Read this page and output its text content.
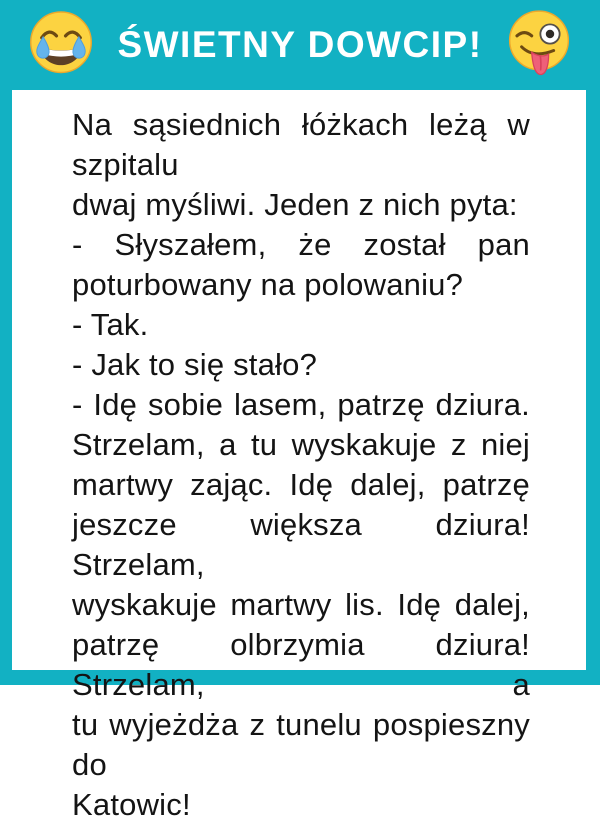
ŚWIETNY DOWCIP!
Na sąsiednich łóżkach leżą w szpitalu
dwaj myśliwi. Jeden z nich pyta:
- Słyszałem, że został pan
poturbowany na polowaniu?
- Tak.
- Jak to się stało?
- Idę sobie lasem, patrzę dziura.
Strzelam, a tu wyskakuje z niej
martwy zając. Idę dalej, patrzę
jeszcze większa dziura! Strzelam,
wyskakuje martwy lis. Idę dalej,
patrzę olbrzymia dziura! Strzelam, a
tu wyjeżdża z tunelu pospieszny do
Katowic!
